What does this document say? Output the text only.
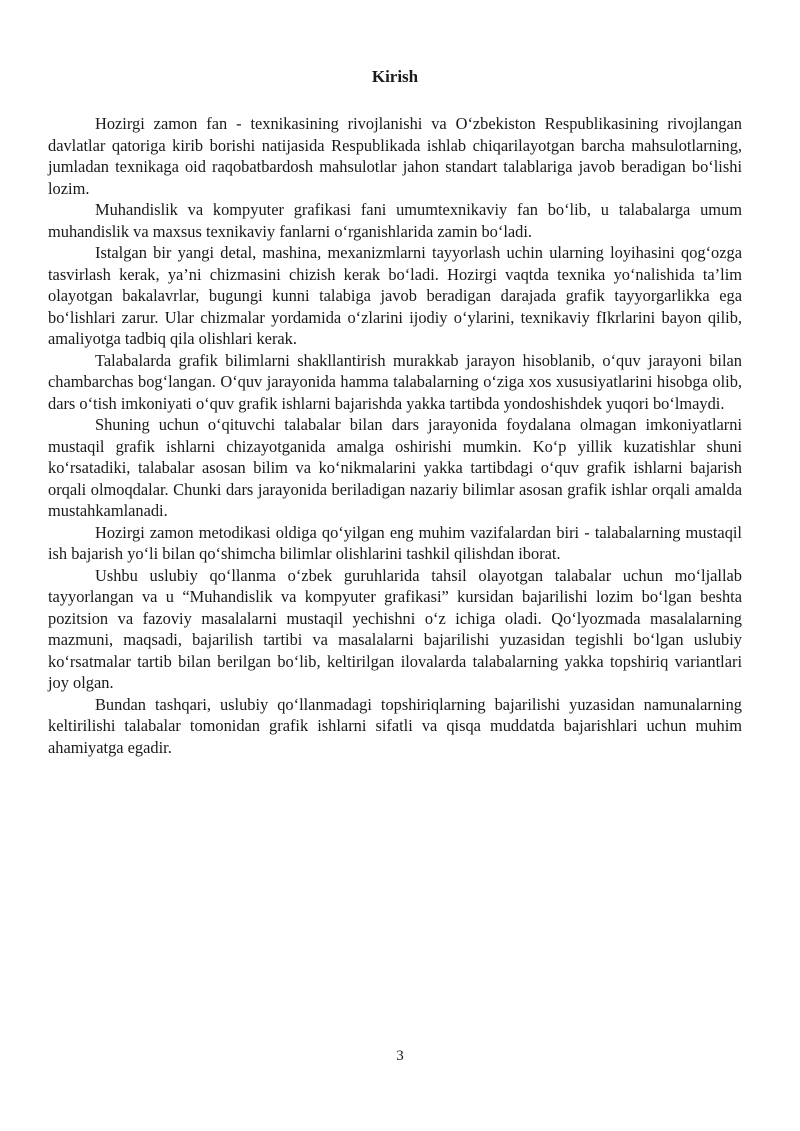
Kirish

Hozirgi zamon fan - texnikasining rivojlanishi va O‘zbekiston Respublikasining rivojlangan davlatlar qatoriga kirib borishi natijasida Respublikada ishlab chiqarilayotgan barcha mahsulotlarning, jumladan texnikaga oid raqobatbardosh mahsulotlar jahon standart talablariga javob beradigan bo‘lishi lozim.

Muhandislik va kompyuter grafikasi fani umumtexnikaviy fan bo‘lib, u talabalarga umum muhandislik va maxsus texnikaviy fanlarni o‘rganishlarida zamin bo‘ladi.

Istalgan bir yangi detal, mashina, mexanizmlarni tayyorlash uchin ularning loyihasini qog‘ozga tasvirlash kerak, ya’ni chizmasini chizish kerak bo‘ladi. Hozirgi vaqtda texnika yo‘nalishida ta’lim olayotgan bakalavrlar, bugungi kunni talabiga javob beradigan darajada grafik tayyorgarlikka ega bo‘lishlari zarur. Ular chizmalar yordamida o‘zlarini ijodiy o‘ylarini, texnikaviy fIkrlarini bayon qilib, amaliyotga tadbiq qila olishlari kerak.

Talabalarda grafik bilimlarni shakllantirish murakkab jarayon hisoblanib, o‘quv jarayoni bilan chambarchas bog‘langan. O‘quv jarayonida hamma talabalarning o‘ziga xos xususiyatlarini hisobga olib, dars o‘tish imkoniyati o‘quv grafik ishlarni bajarishda yakka tartibda yondoshishdek yuqori bo‘lmaydi.

Shuning uchun o‘qituvchi talabalar bilan dars jarayonida foydalana olmagan imkoniyatlarni mustaqil grafik ishlarni chizayotganida amalga oshirishi mumkin. Ko‘p yillik kuzatishlar shuni ko‘rsatadiki, talabalar asosan bilim va ko‘nikmalarini yakka tartibdagi o‘quv grafik ishlarni bajarish orqali olmoqdalar. Chunki dars jarayonida beriladigan nazariy bilimlar asosan grafik ishlar orqali amalda mustahkamlanadi.

Hozirgi zamon metodikasi oldiga qo‘yilgan eng muhim vazifalardan biri - talabalarning mustaqil ish bajarish yo‘li bilan qo‘shimcha bilimlar olishlarini tashkil qilishdan iborat.

Ushbu uslubiy qo‘llanma o‘zbek guruhlarida tahsil olayotgan talabalar uchun mo‘ljallab tayyorlangan va u “Muhandislik va kompyuter grafikasi” kursidan bajarilishi lozim bo‘lgan beshta pozitsion va fazoviy masalalarni mustaqil yechishni o‘z ichiga oladi. Qo‘lyozmada masalalarning mazmuni, maqsadi, bajarilish tartibi va masalalarni bajarilishi yuzasidan tegishli bo‘lgan uslubiy ko‘rsatmalar tartib bilan berilgan bo‘lib, keltirilgan ilovalarda talabalarning yakka topshiriq variantlari joy olgan.

Bundan tashqari, uslubiy qo‘llanmadagi topshiriqlarning bajarilishi yuzasidan namunalarning keltirilishi talabalar tomonidan grafik ishlarni sifatli va qisqa muddatda bajarishlari uchun muhim ahamiyatga egadir.

3
